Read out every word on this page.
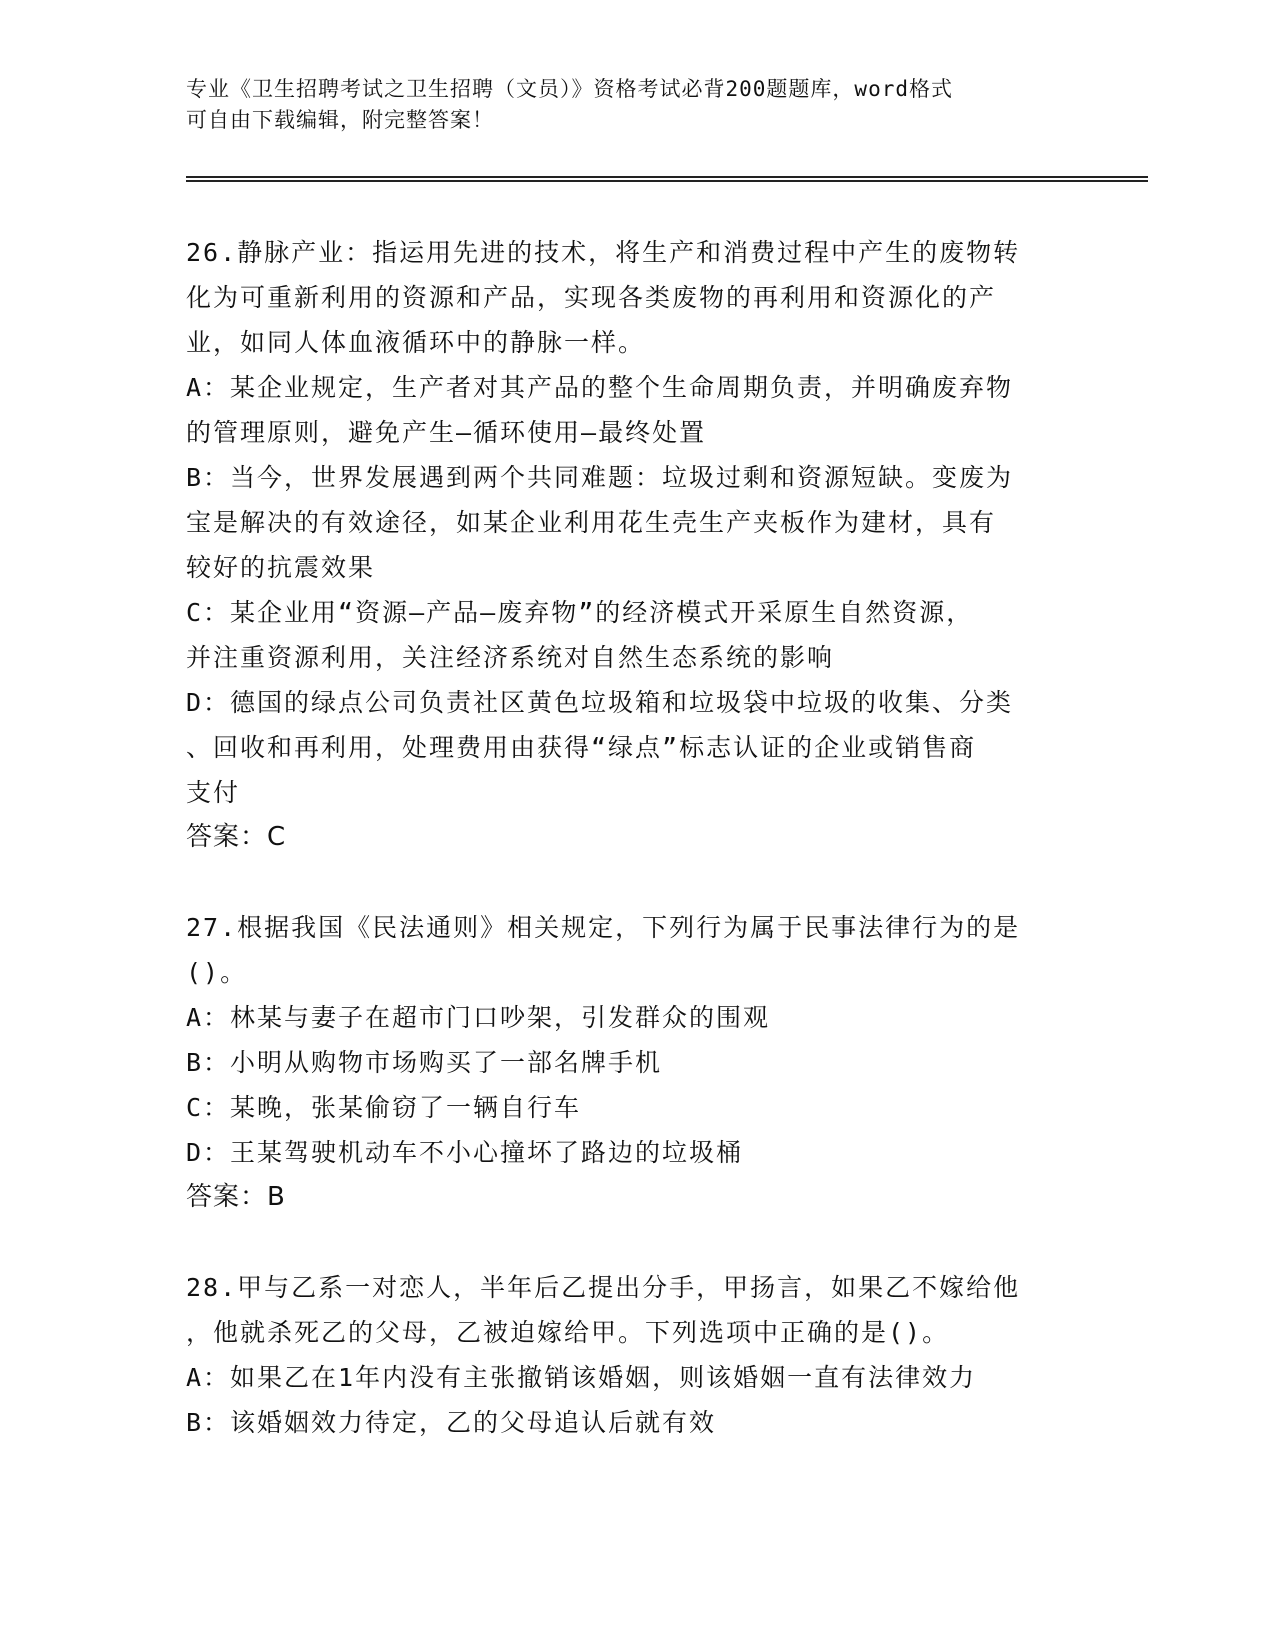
专业《卫生招聘考试之卫生招聘（文员）》资格考试必背200题题库，word格式
可自由下载编辑，附完整答案！

26.静脉产业：指运用先进的技术，将生产和消费过程中产生的废物转

化为可重新利用的资源和产品，实现各类废物的再利用和资源化的产

业，如同人体血液循环中的静脉一样。

A：某企业规定，生产者对其产品的整个生命周期负责，并明确废弃物

的管理原则，避免产生—循环使用—最终处置

B：当今，世界发展遇到两个共同难题：垃圾过剩和资源短缺。变废为

宝是解决的有效途径，如某企业利用花生壳生产夹板作为建材，具有

较好的抗震效果

C：某企业用“资源—产品—废弃物”的经济模式开采原生自然资源，

并注重资源利用，关注经济系统对自然生态系统的影响

D：德国的绿点公司负责社区黄色垃圾箱和垃圾袋中垃圾的收集、分类

、回收和再利用，处理费用由获得“绿点”标志认证的企业或销售商

支付

答案：C

27.根据我国《民法通则》相关规定，下列行为属于民事法律行为的是

()。

A：林某与妻子在超市门口吵架，引发群众的围观

B：小明从购物市场购买了一部名牌手机

C：某晚，张某偷窃了一辆自行车

D：王某驾驶机动车不小心撞坏了路边的垃圾桶

答案：B

28.甲与乙系一对恋人，半年后乙提出分手，甲扬言，如果乙不嫁给他

，他就杀死乙的父母，乙被迫嫁给甲。下列选项中正确的是()。

A：如果乙在1年内没有主张撤销该婚姻，则该婚姻一直有法律效力

B：该婚姻效力待定，乙的父母追认后就有效
